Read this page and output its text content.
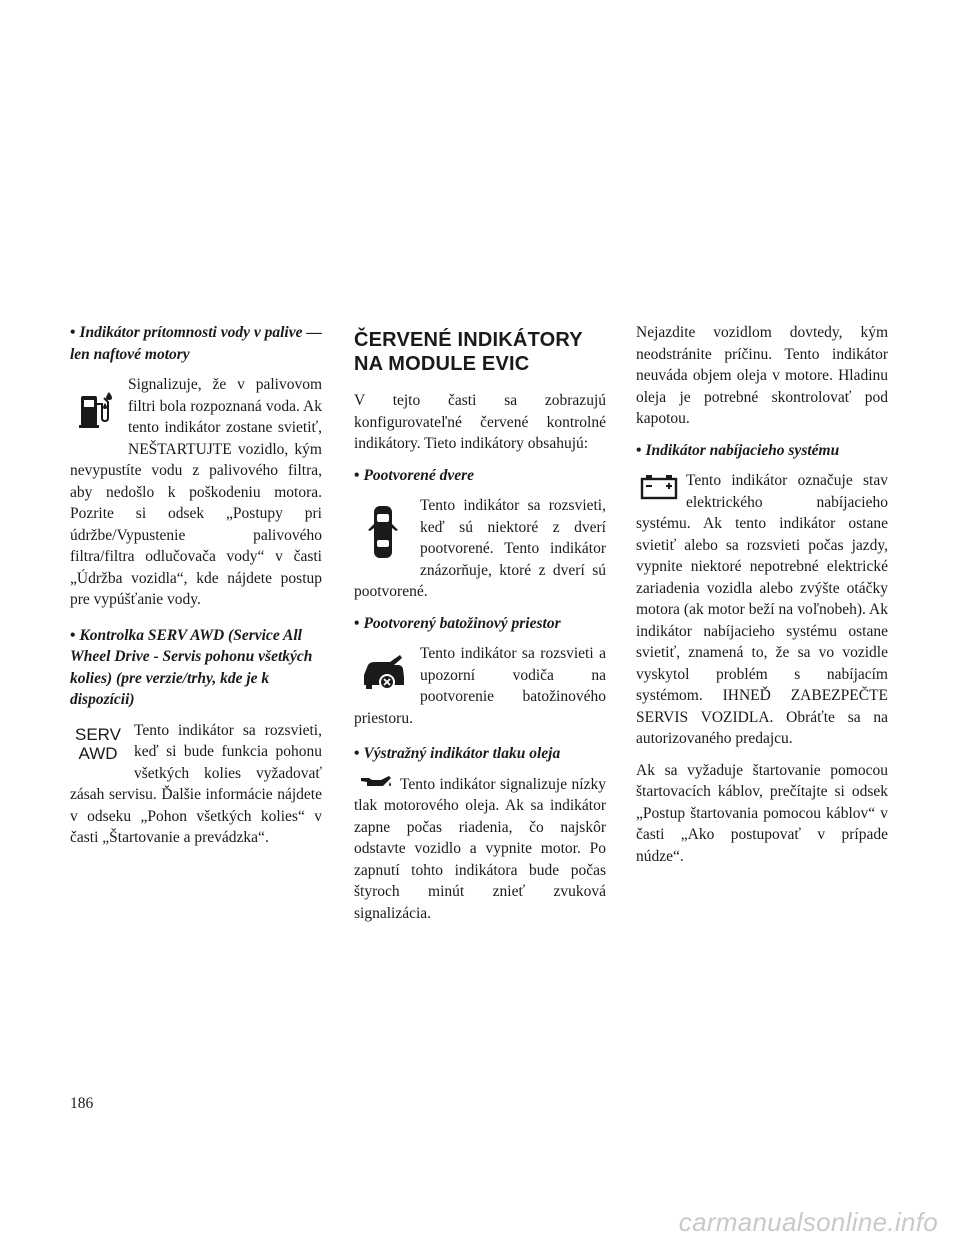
• Indikátor prítomnosti vody v palive — len naftové motory

Signalizuje, že v palivovom filtri bola rozpoznaná voda. Ak tento indikátor zostane svietiť, NEŠTARTUJTE vozidlo, kým nevypustíte vodu z palivového filtra, aby nedošlo k poškodeniu motora. Pozrite si odsek „Postupy pri údržbe/Vypustenie palivového filtra/filtra odlučovača vody“ v časti „Údržba vozidla“, kde nájdete postup pre vypúšťanie vody.

• Kontrolka SERV AWD (Service All Wheel Drive - Servis pohonu všetkých kolies) (pre verzie/trhy, kde je k dispozícii)
SERV
AWD

Tento indikátor sa rozsvieti, keď si bude funkcia pohonu všetkých kolies vyžadovať zásah servisu. Ďalšie informácie nájdete v odseku „Pohon všetkých kolies“ v časti „Štartovanie a prevádzka“.

ČERVENÉ INDIKÁTORY
NA MODULE EVIC

V tejto časti sa zobrazujú konfigurovateľné červené kontrolné indikátory. Tieto indikátory obsahujú:

• Pootvorené dvere

Tento indikátor sa rozsvieti, keď sú niektoré z dverí pootvorené. Tento indikátor znázorňuje, ktoré z dverí sú pootvorené.

• Pootvorený batožinový priestor

Tento indikátor sa rozsvieti a upozorní vodiča na pootvorenie batožinového priestoru.

• Výstražný indikátor tlaku oleja

Tento indikátor signalizuje nízky tlak motorového oleja. Ak sa indikátor zapne počas riadenia, čo najskôr odstavte vozidlo a vypnite motor. Po zapnutí tohto indikátora bude počas štyroch minút znieť zvuková signalizácia.

Nejazdite vozidlom dovtedy, kým neodstránite príčinu. Tento indikátor neuváda objem oleja v motore. Hladinu oleja je potrebné skontrolovať pod kapotou.

• Indikátor nabíjacieho systému

Tento indikátor označuje stav elektrického nabíjacieho systému. Ak tento indikátor ostane svietiť alebo sa rozsvieti počas jazdy, vypnite niektoré nepotrebné elektrické zariadenia vozidla alebo zvýšte otáčky motora (ak motor beží na voľnobeh). Ak indikátor nabíjacieho systému ostane svietiť, znamená to, že sa vo vozidle vyskytol problém s nabíjacím systémom. IHNEĎ ZABEZPEČTE SERVIS VOZIDLA. Obráťte sa na autorizovaného predajcu.

Ak sa vyžaduje štartovanie pomocou štartovacích káblov, prečítajte si odsek „Postup štartovania pomocou káblov“ v časti „Ako postupovať v prípade núdze“.

186
carmanualsonline.info
